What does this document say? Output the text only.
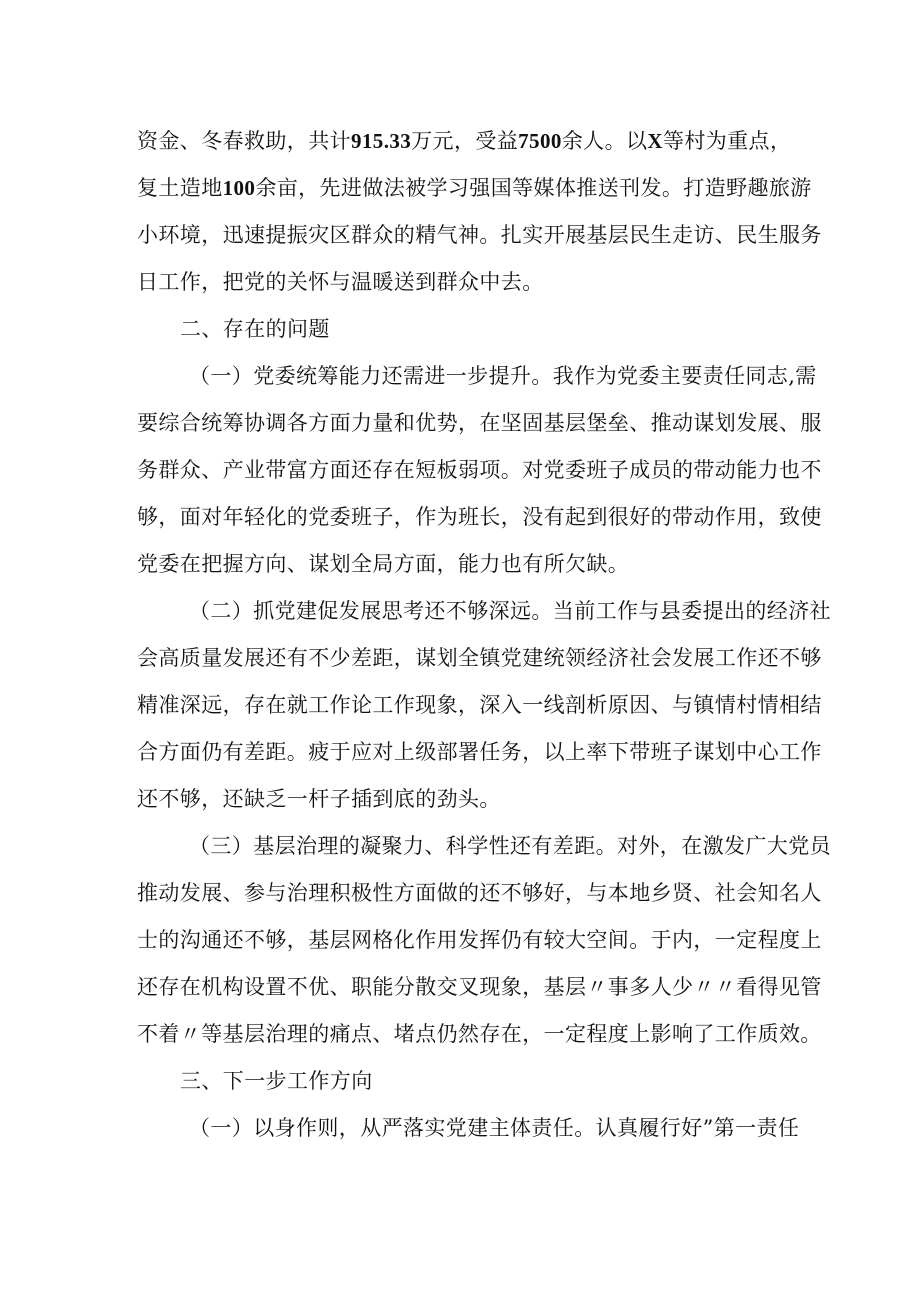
资金、冬春救助，共计915.33万元，受益7500余人。以X等村为重点，
复土造地100余亩，先进做法被学习强国等媒体推送刊发。打造野趣旅游
小环境，迅速提振灾区群众的精气神。扎实开展基层民生走访、民生服务
日工作，把党的关怀与温暖送到群众中去。
二、存在的问题
（一）党委统筹能力还需进一步提升。我作为党委主要责任同志,需
要综合统筹协调各方面力量和优势，在坚固基层堡垒、推动谋划发展、服
务群众、产业带富方面还存在短板弱项。对党委班子成员的带动能力也不
够，面对年轻化的党委班子，作为班长，没有起到很好的带动作用，致使
党委在把握方向、谋划全局方面，能力也有所欠缺。
（二）抓党建促发展思考还不够深远。当前工作与县委提出的经济社
会高质量发展还有不少差距，谋划全镇党建统领经济社会发展工作还不够
精准深远，存在就工作论工作现象，深入一线剖析原因、与镇情村情相结
合方面仍有差距。疲于应对上级部署任务，以上率下带班子谋划中心工作
还不够，还缺乏一杆子插到底的劲头。
（三）基层治理的凝聚力、科学性还有差距。对外，在激发广大党员
推动发展、参与治理积极性方面做的还不够好，与本地乡贤、社会知名人
士的沟通还不够，基层网格化作用发挥仍有较大空间。于内，一定程度上
还存在机构设置不优、职能分散交叉现象，基层〃事多人少〃〃看得见管
不着〃等基层治理的痛点、堵点仍然存在，一定程度上影响了工作质效。
三、下一步工作方向
（一）以身作则，从严落实党建主体责任。认真履行好”第一责任
